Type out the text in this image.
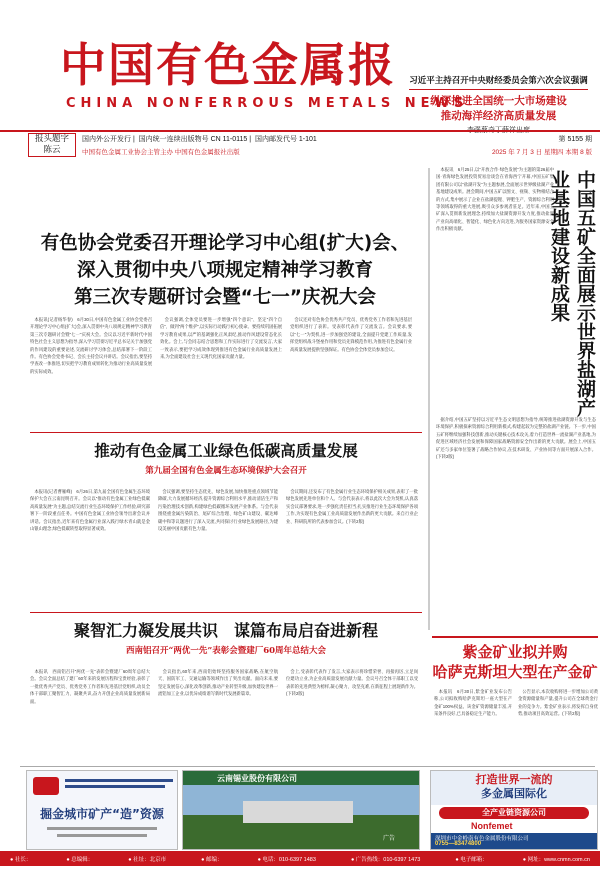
中国有色金属报
CHINA NONFERROUS METALS NEWS
习近平主持召开中央财经委员会第六次会议强调
纵深推进全国统一大市场建设
推动海洋经济高质量发展
李强蔡奇丁薛祥出席
报头题字
陈云
国内外公开发行 |  国内统一连续出版物号 CN 11-0115 |  国内邮发代号 1-101	第 5155 期
中国有色金属工业协会主管主办 中国有色金属报社出版	2025 年 7 月 3 日 星期四 本期 8 版
有色协会党委召开理论学习中心组(扩大)会、
深入贯彻中央八项规定精神学习教育
第三次专题研讨会暨“七一”庆祝大会
　本报讯(记者杨华春)　6月30日,中国有色金属工业协会党委召开理论学习中心组(扩大)会,深入贯彻中央八项规定精神学习教育第三次专题研讨会暨“七一”庆祝大会。会议以习近平新时代中国特色社会主义思想为指导,深入学习贯彻习近平总书记关于加强党的作风建设的重要论述,交流研讨学习体会,总结部署下一阶段工作。有色协会党委书记、会长主持会议并讲话。会议指出,要坚持学查改一体推进,切实把学习教育成果转化为推动行业高质量发展的实际成效。
　会议强调,全体党员要进一步增强“四个意识”、坚定“四个自信”、做到“两个维护”,以实际行动践行初心使命。要持续巩固拓展学习教育成果,以严的基调强化正风肃纪,推动作风建设常态化长效化。会上,与会同志结合思想和工作实际进行了交流发言,大家一致表示,要把学习成效体现到推进有色金属行业高质量发展上来,为全面建设社会主义现代化国家贡献力量。
　会议还对有色协会优秀共产党员、优秀党务工作者和先进基层党组织进行了表彰。受表彰代表作了交流发言。会议要求,要以“七一”为契机,进一步加强党的建设,全面提升党建工作质量,发挥党组织战斗堡垒作用和党员先锋模范作用,为推进有色金属行业高质量发展提供坚强保证。有色协会全体党员参加会议。
　本报讯　6月25日,以“开放合作·绿色发展”为主题的第26届中国·青海绿色发展投资贸易洽谈会在青海西宁开幕,中国五矿集团有限公司以“盐湖开发”为主题参展,全面展示世界级盐湖产业基地建设成果。展会期间,中国五矿以图文、视频、实物相结合的方式,集中展示了企业在盐湖提锂、钾肥生产、资源综合利用等领域取得的重大进展,吸引众多参观者驻足。近年来,中国五矿深入贯彻新发展理念,持续加大盐湖资源开发力度,推动盐湖产业向高端化、智能化、绿色化方向迈进,为服务国家资源安全作出积极贡献。	中国五矿全面展示世界盐湖产业基地建设新成果
　据介绍,中国五矿坚持以习近平生态文明思想为指导,统筹推进盐湖资源开发与生态环境保护,积极探索资源综合利用新模式,构建起较为完整的盐湖产业链。下一步,中国五矿将继续加强科技创新,推动关键核心技术攻关,着力打造世界一流盐湖产业基地,为促进区域经济社会发展和保障国家战略资源安全作出新的更大贡献。展会上,中国五矿还与多家单位签署了战略合作协议,在技术研发、产业协同等方面开展深入合作。(下转2版)
推动有色金属工业绿色低碳高质量发展
第九届全国有色金属生态环境保护大会召开
　本报讯(记者曹雁峰)　6月26日,第九届全国有色金属生态环境保护大会在云南昆明召开。会议以“推动有色金属工业绿色低碳高质量发展”为主题,总结交流行业生态环境保护工作经验,研究部署下一阶段重点任务。中国有色金属工业协会领导出席会议并讲话。会议指出,近年来有色金属行业深入践行绿水青山就是金山银山理念,绿色低碳转型取得显著成效。
　会议强调,要坚持生态优先、绿色发展,加快推进重点领域节能降碳,大力发展循环经济,提升资源综合利用水平,推动清洁生产和污染治理技术创新,构建绿色低碳循环发展产业体系。与会代表围绕重金属污染防治、尾矿综合治理、绿色矿山建设、碳达峰碳中和等议题进行了深入交流,共同探讨行业绿色发展路径,为建设美丽中国贡献有色力量。
　会议期间,还发布了有色金属行业生态环境保护相关成果,表彰了一批绿色发展先进单位和个人。与会代表表示,将以此次大会为契机,认真落实会议部署要求,进一步强化责任担当,扎实推进行业生态环境保护各项工作,为实现有色金属工业高质量发展作出新的更大贡献。来自行业企业、科研院所的代表参加会议。(下转2版)
聚智汇力凝发展共识　谋篇布局启奋进新程
西南铝召开“两优一先”表彰会暨建厂60周年总结大会
　本报讯　西南铝召开“两优一先”表彰会暨建厂60周年总结大会。会议全面总结了建厂60年来的发展历程和宝贵经验,表彰了一批优秀共产党员、优秀党务工作者和先进基层党组织,动员全体干部职工聚智汇力、凝聚共识,奋力开创企业高质量发展新局面。
　会议指出,60年来,西南铝始终坚持服务国家战略,在航空航天、国防军工、交通运输等领域作出了突出贡献。面向未来,要坚定发展信心,深化改革创新,推动产业转型升级,加快建设世界一流铝加工企业,以优异成绩谱写新时代发展新篇章。
　会上,受表彰代表作了发言,大家表示将珍惜荣誉、再接再厉,立足岗位建功立业,为企业高质量发展贡献力量。会议号召全体干部职工以受表彰的先进典型为榜样,凝心聚力、攻坚克难,在新征程上展现新作为。(下转2版)
紫金矿业拟并购
哈萨克斯坦大型在产金矿
　本报讯　6月30日,紫金矿业发布公告称,公司拟收购哈萨克斯坦一座大型在产金矿100%权益。该金矿资源储量丰富,开采条件良好,已具备稳定生产能力。
　公告显示,本次收购将进一步增加公司黄金资源储量和产量,提升公司在全球黄金行业的竞争力。紫金矿业表示,将发挥自身优势,推动项目高效运营。(下转2版)
掘金城市矿产“造”资源
云南锡业股份有限公司
广告
打造世界一流的
多金属国际化
全产业链资源公司
Nonfemet
深圳市中金岭南有色金属股份有限公司
0755—83474800
● 社长：	● 总编辑：	● 社址：北京市	● 邮编：	● 电话：010-6397 1483	● 广告热线：010-6397 1473	● 电子邮箱：	● 网址：www.cnmn.com.cn
